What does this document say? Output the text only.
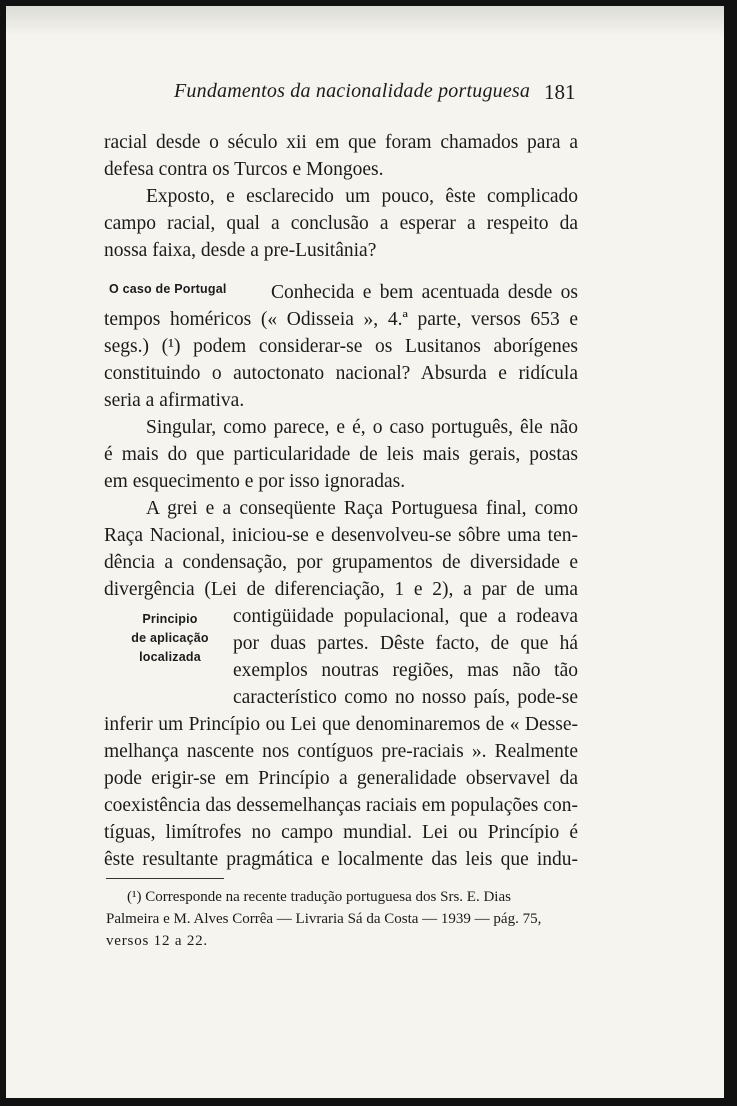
Fundamentos da nacionalidade portuguesa 181
racial desde o século xii em que foram chamados para a
defesa contra os Turcos e Mongoes.
Exposto, e esclarecido um pouco, êste complicado
campo racial, qual a conclusão a esperar a respeito da
nossa faixa, desde a pre-Lusitânia?
O caso de Portugal Conhecida e bem acentuada desde os
tempos homéricos (« Odisseia », 4.ª parte, versos 653 e
segs.) (¹) podem considerar-se os Lusitanos aborígenes
constituindo o autoctonato nacional? Absurda e ridícula
seria a afirmativa.
Singular, como parece, e é, o caso português, êle não
é mais do que particularidade de leis mais gerais, postas
em esquecimento e por isso ignoradas.
A grei e a conseqüente Raça Portuguesa final, como
Raça Nacional, iniciou-se e desenvolveu-se sôbre uma ten-
dência a condensação, por grupamentos de diversidade e
divergência (Lei de diferenciação, 1 e 2), a par de uma
Principio
de aplicação
localizada
contigüidade populacional, que a rodeava
por duas partes. Dêste facto, de que há
exemplos noutras regiões, mas não tão
característico como no nosso país, pode-se
inferir um Princípio ou Lei que denominaremos de « Desse-
melhança nascente nos contíguos pre-raciais ». Realmente
pode erigir-se em Princípio a generalidade observavel da
coexistência das dessemelhanças raciais em populações con-
tíguas, limítrofes no campo mundial. Lei ou Princípio é
êste resultante pragmática e localmente das leis que indu-
(¹) Corresponde na recente tradução portuguesa dos Srs. E. Dias
Palmeira e M. Alves Corrêa — Livraria Sá da Costa — 1939 — pág. 75,
versos 12 a 22.
